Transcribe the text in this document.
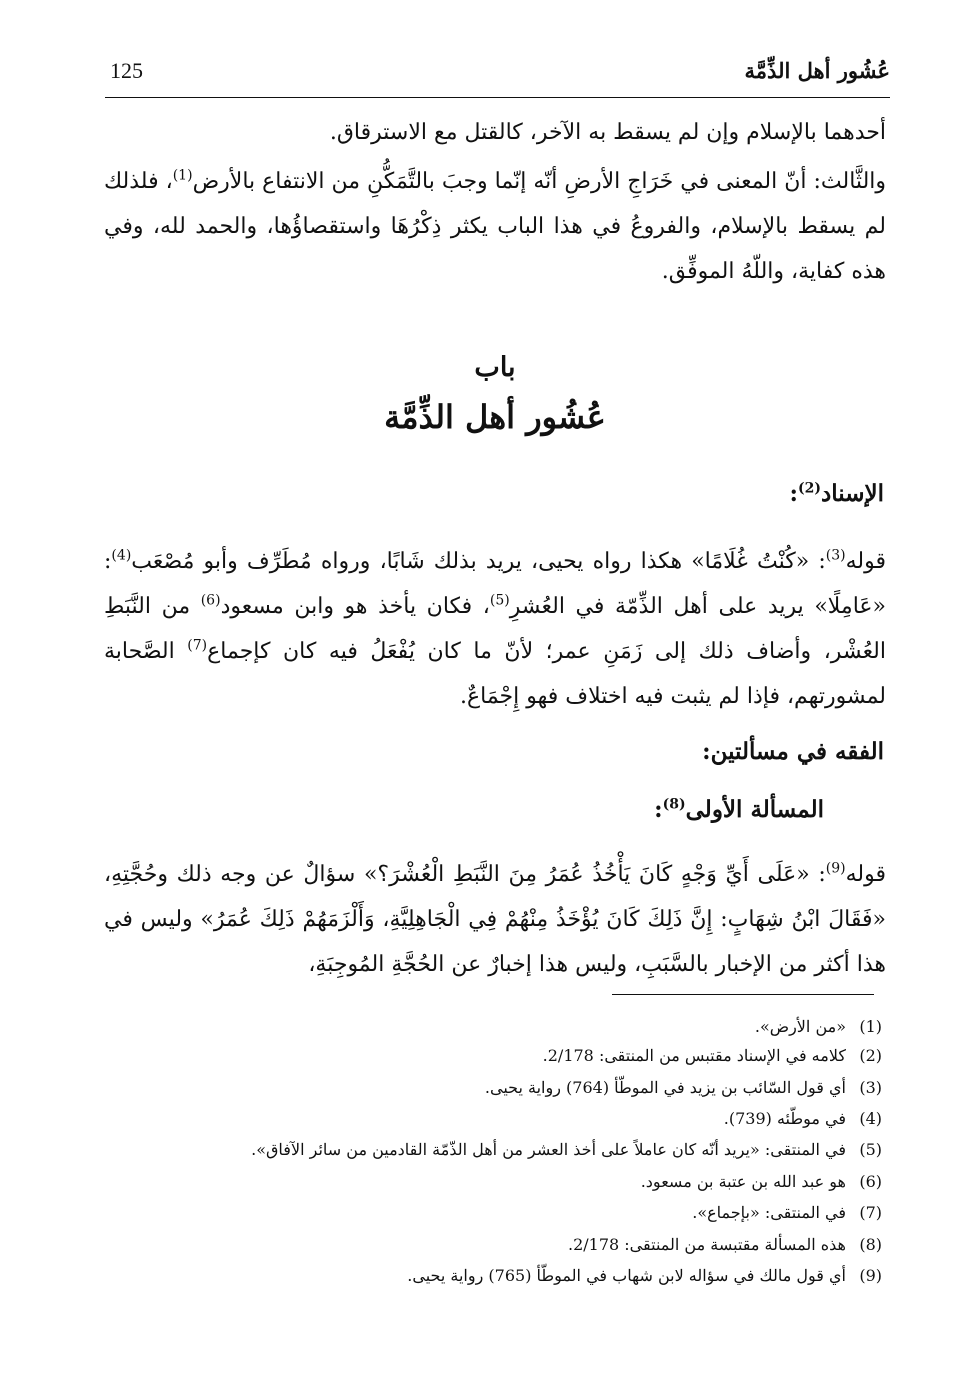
عُشُور أهل الذِّمَّة
125
أحدهما بالإسلام وإن لم يسقط به الآخر، كالقتل مع الاسترقاق.
والثَّالث: أنّ المعنى في خَرَاجِ الأرضِ أنّه إنّما وجبَ بالتَّمَكُّنِ من الانتفاع بالأرض$^{(1)}$، فلذلك لم يسقط بالإسلام، والفروعُ في هذا الباب يكثر ذِكْرُهَا واستقصاؤُها، والحمد لله، وفي هذه كفاية، واللّهُ الموفِّق.
باب
عُشُور أهل الذِّمَّة
الإسناد$^{(2)}$:
قوله$^{(3)}$: «كُنْتُ غُلَامًا» هكذا رواه يحيى، يريد بذلك شَابًا، ورواه مُطَرِّف وأبو مُصْعَب$^{(4)}$: «عَامِلًا» يريد على أهل الذِّمّة في العُشرِ$^{(5)}$، فكان يأخذ هو وابن مسعود$^{(6)}$ من النَّبَطِ العُشْر، وأضاف ذلك إلى زَمَنِ عمر؛ لأنّ ما كان يُفْعَلُ فيه كان كإجماع$^{(7)}$ الصَّحابة لمشورتهم، فإذا لم يثبت فيه اختلاف فهو إِجْمَاعٌ.
الفقه في مسألتين:
المسألة الأولى$^{(8)}$:
قوله$^{(9)}$: «عَلَى أَيِّ وَجْهٍ كَانَ يَأْخُذُ عُمَرُ مِنَ النَّبَطِ الْعُشْرَ؟» سؤالٌ عن وجه ذلك وحُجَّتِهِ، «فَقَالَ ابْنُ شِهَابٍ: إِنَّ ذَلِكَ كَانَ يُؤْخَذُ مِنْهُمْ فِي الْجَاهِلِيَّةِ، وَأَلْزَمَهُمْ ذَلِكَ عُمَرُ» وليس في هذا أكثر من الإخبار بالسَّبَبِ، وليس هذا إخبارٌ عن الحُجَّةِ المُوجِبَةِ،
(1)«من الأرض».
(2)كلامه في الإسناد مقتبس من المنتقى: 2/178.
(3)أي قول السّائب بن يزيد في الموطّأ (764) رواية يحيى.
(4)في موطّئه (739).
(5)في المنتقى: «يريد أنّه كان عاملاً على أخذ العشر من أهل الذّمّة القادمين من سائر الآفاق».
(6)هو عبد الله بن عتبة بن مسعود.
(7)في المنتقى: «بإجماع».
(8)هذه المسألة مقتبسة من المنتقى: 2/178.
(9)أي قول مالك في سؤاله لابن شهاب في الموطّأ (765) رواية يحيى.
